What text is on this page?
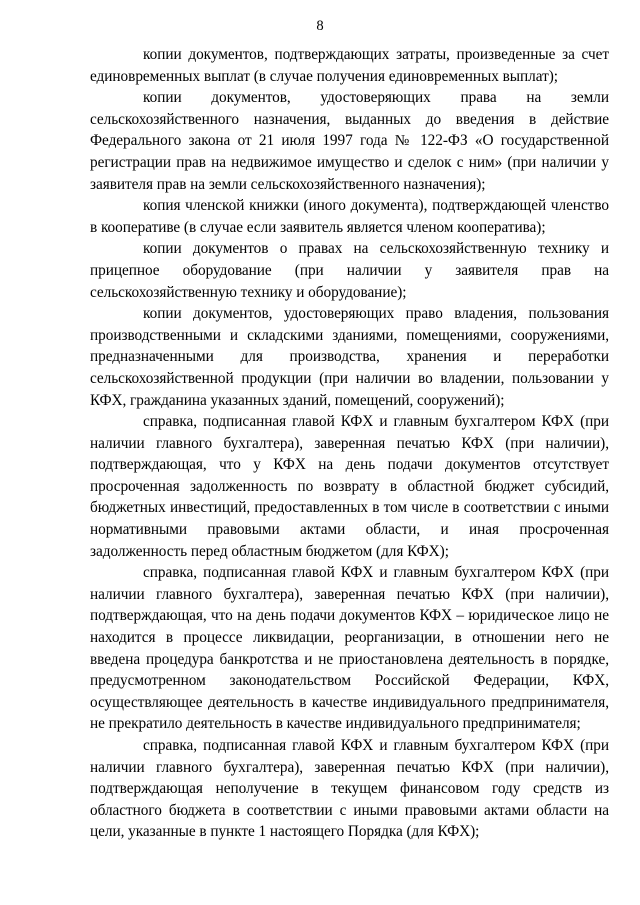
8

копии документов, подтверждающих затраты, произведенные за счет единовременных выплат (в случае получения единовременных выплат);

копии документов, удостоверяющих права на земли сельскохозяйственного назначения, выданных до введения в действие Федерального закона от 21 июля 1997 года № 122-ФЗ «О государственной регистрации прав на недвижимое имущество и сделок с ним» (при наличии у заявителя прав на земли сельскохозяйственного назначения);

копия членской книжки (иного документа), подтверждающей членство в кооперативе (в случае если заявитель является членом кооператива);

копии документов о правах на сельскохозяйственную технику и прицепное оборудование (при наличии у заявителя прав на сельскохозяйственную технику и оборудование);

копии документов, удостоверяющих право владения, пользования производственными и складскими зданиями, помещениями, сооружениями, предназначенными для производства, хранения и переработки сельскохозяйственной продукции (при наличии во владении, пользовании у КФХ, гражданина указанных зданий, помещений, сооружений);

справка, подписанная главой КФХ и главным бухгалтером КФХ (при наличии главного бухгалтера), заверенная печатью КФХ (при наличии), подтверждающая, что у КФХ на день подачи документов отсутствует просроченная задолженность по возврату в областной бюджет субсидий, бюджетных инвестиций, предоставленных в том числе в соответствии с иными нормативными правовыми актами области, и иная просроченная задолженность перед областным бюджетом (для КФХ);

справка, подписанная главой КФХ и главным бухгалтером КФХ (при наличии главного бухгалтера), заверенная печатью КФХ (при наличии), подтверждающая, что на день подачи документов КФХ – юридическое лицо не находится в процессе ликвидации, реорганизации, в отношении него не введена процедура банкротства и не приостановлена деятельность в порядке, предусмотренном законодательством Российской Федерации, КФХ, осуществляющее деятельность в качестве индивидуального предпринимателя, не прекратило деятельность в качестве индивидуального предпринимателя;

справка, подписанная главой КФХ и главным бухгалтером КФХ (при наличии главного бухгалтера), заверенная печатью КФХ (при наличии), подтверждающая неполучение в текущем финансовом году средств из областного бюджета в соответствии с иными правовыми актами области на цели, указанные в пункте 1 настоящего Порядка (для КФХ);
